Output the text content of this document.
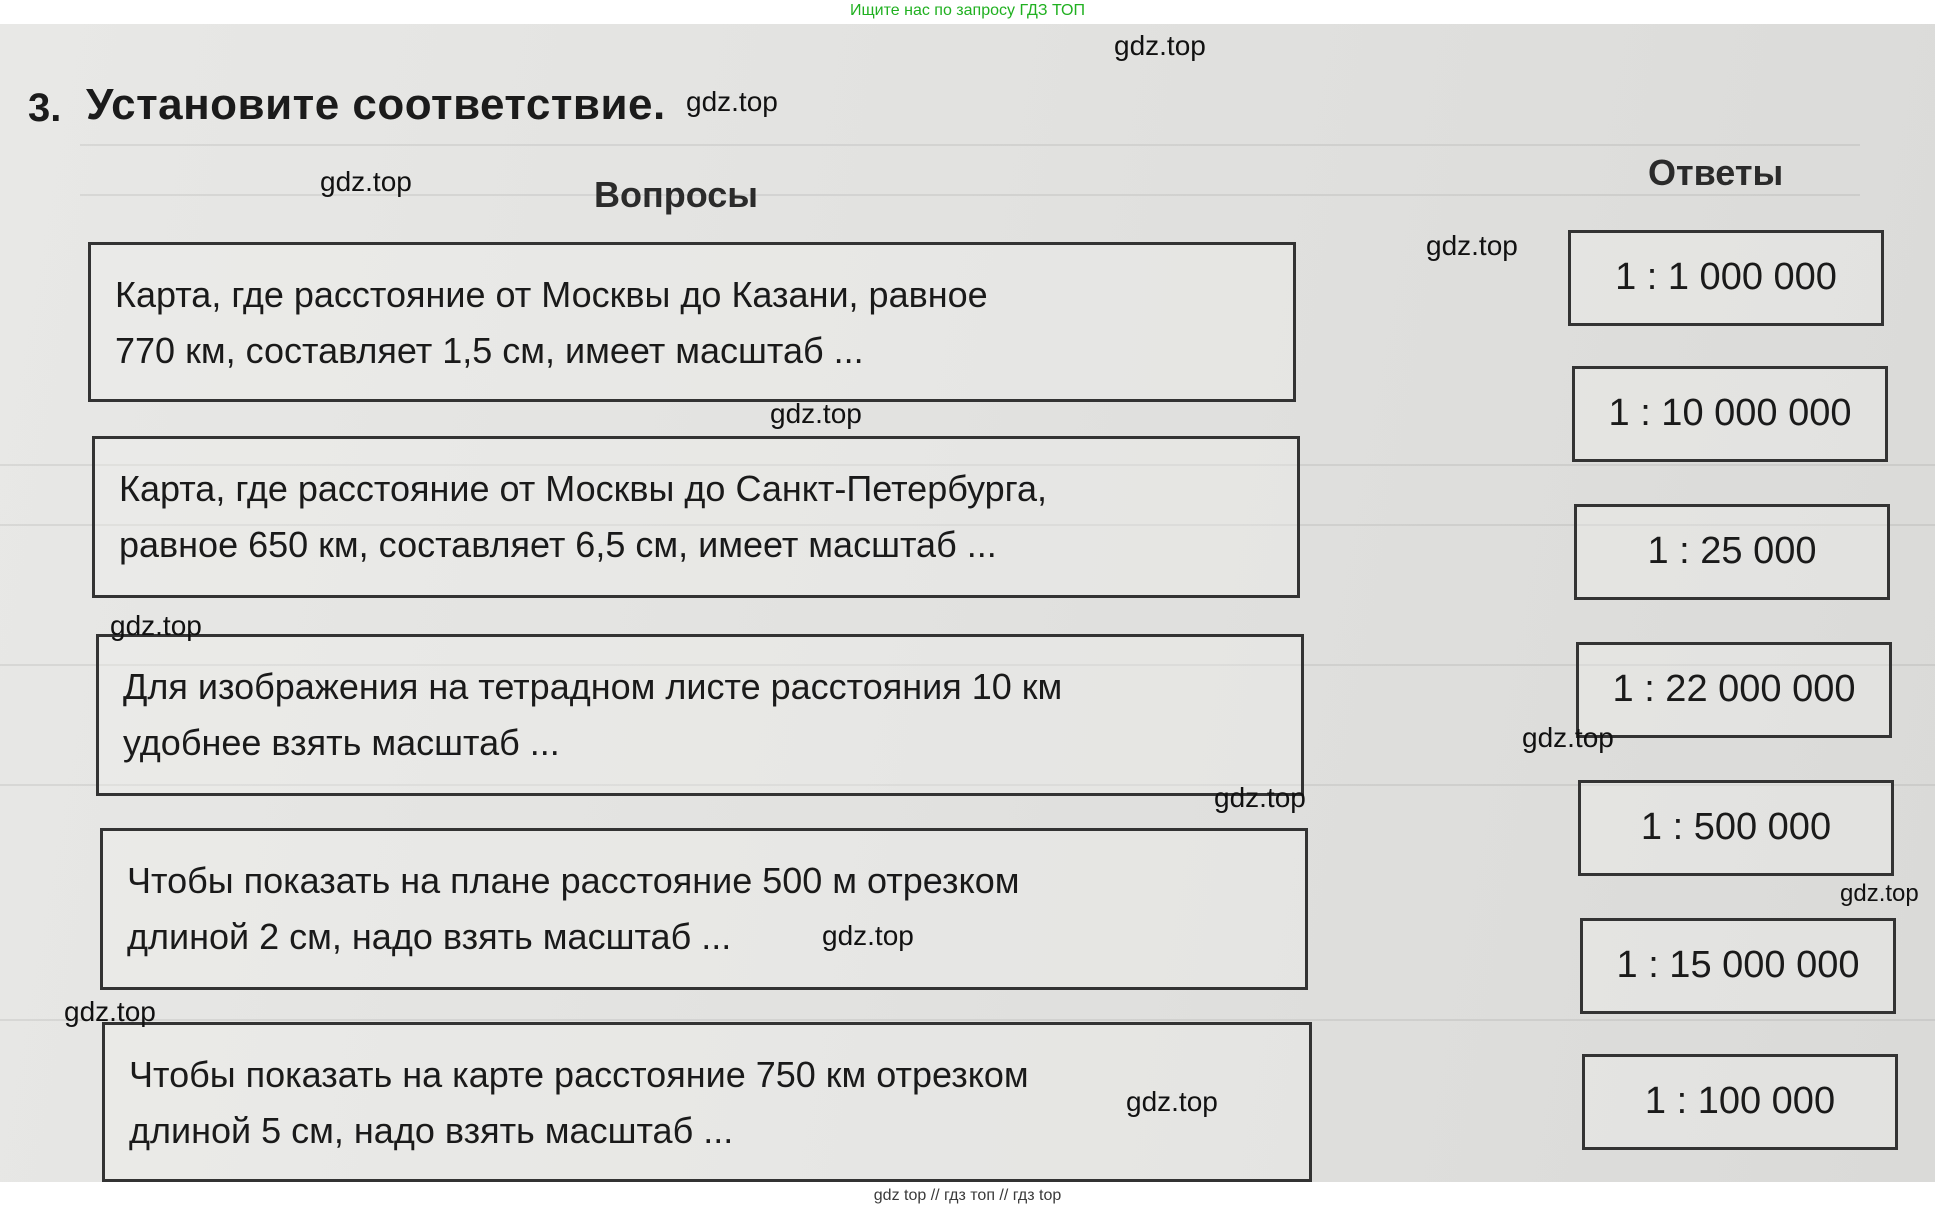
Ищите нас по запросу ГДЗ ТОП
3. Установите соответствие.
Вопросы
Ответы
Карта, где расстояние от Москвы до Казани, равное
770 км, составляет 1,5 см, имеет масштаб ...
Карта, где расстояние от Москвы до Санкт-Петербурга,
равное 650 км, составляет 6,5 см, имеет масштаб ...
Для изображения на тетрадном листе расстояния 10 км
удобнее взять масштаб ...
Чтобы показать на плане расстояние 500 м отрезком
длиной 2 см, надо взять масштаб ...
Чтобы показать на карте расстояние 750 км отрезком
длиной 5 см, надо взять масштаб ...
1 : 1 000 000
1 : 10 000 000
1 : 25 000
1 : 22 000 000
1 : 500 000
1 : 15 000 000
1 : 100 000
gdz.top
gdz.top
gdz.top
gdz.top
gdz.top
gdz.top
gdz.top
gdz.top
gdz.top
gdz.top
gdz.top
gdz.top
gdz top // гдз топ // гдз top
